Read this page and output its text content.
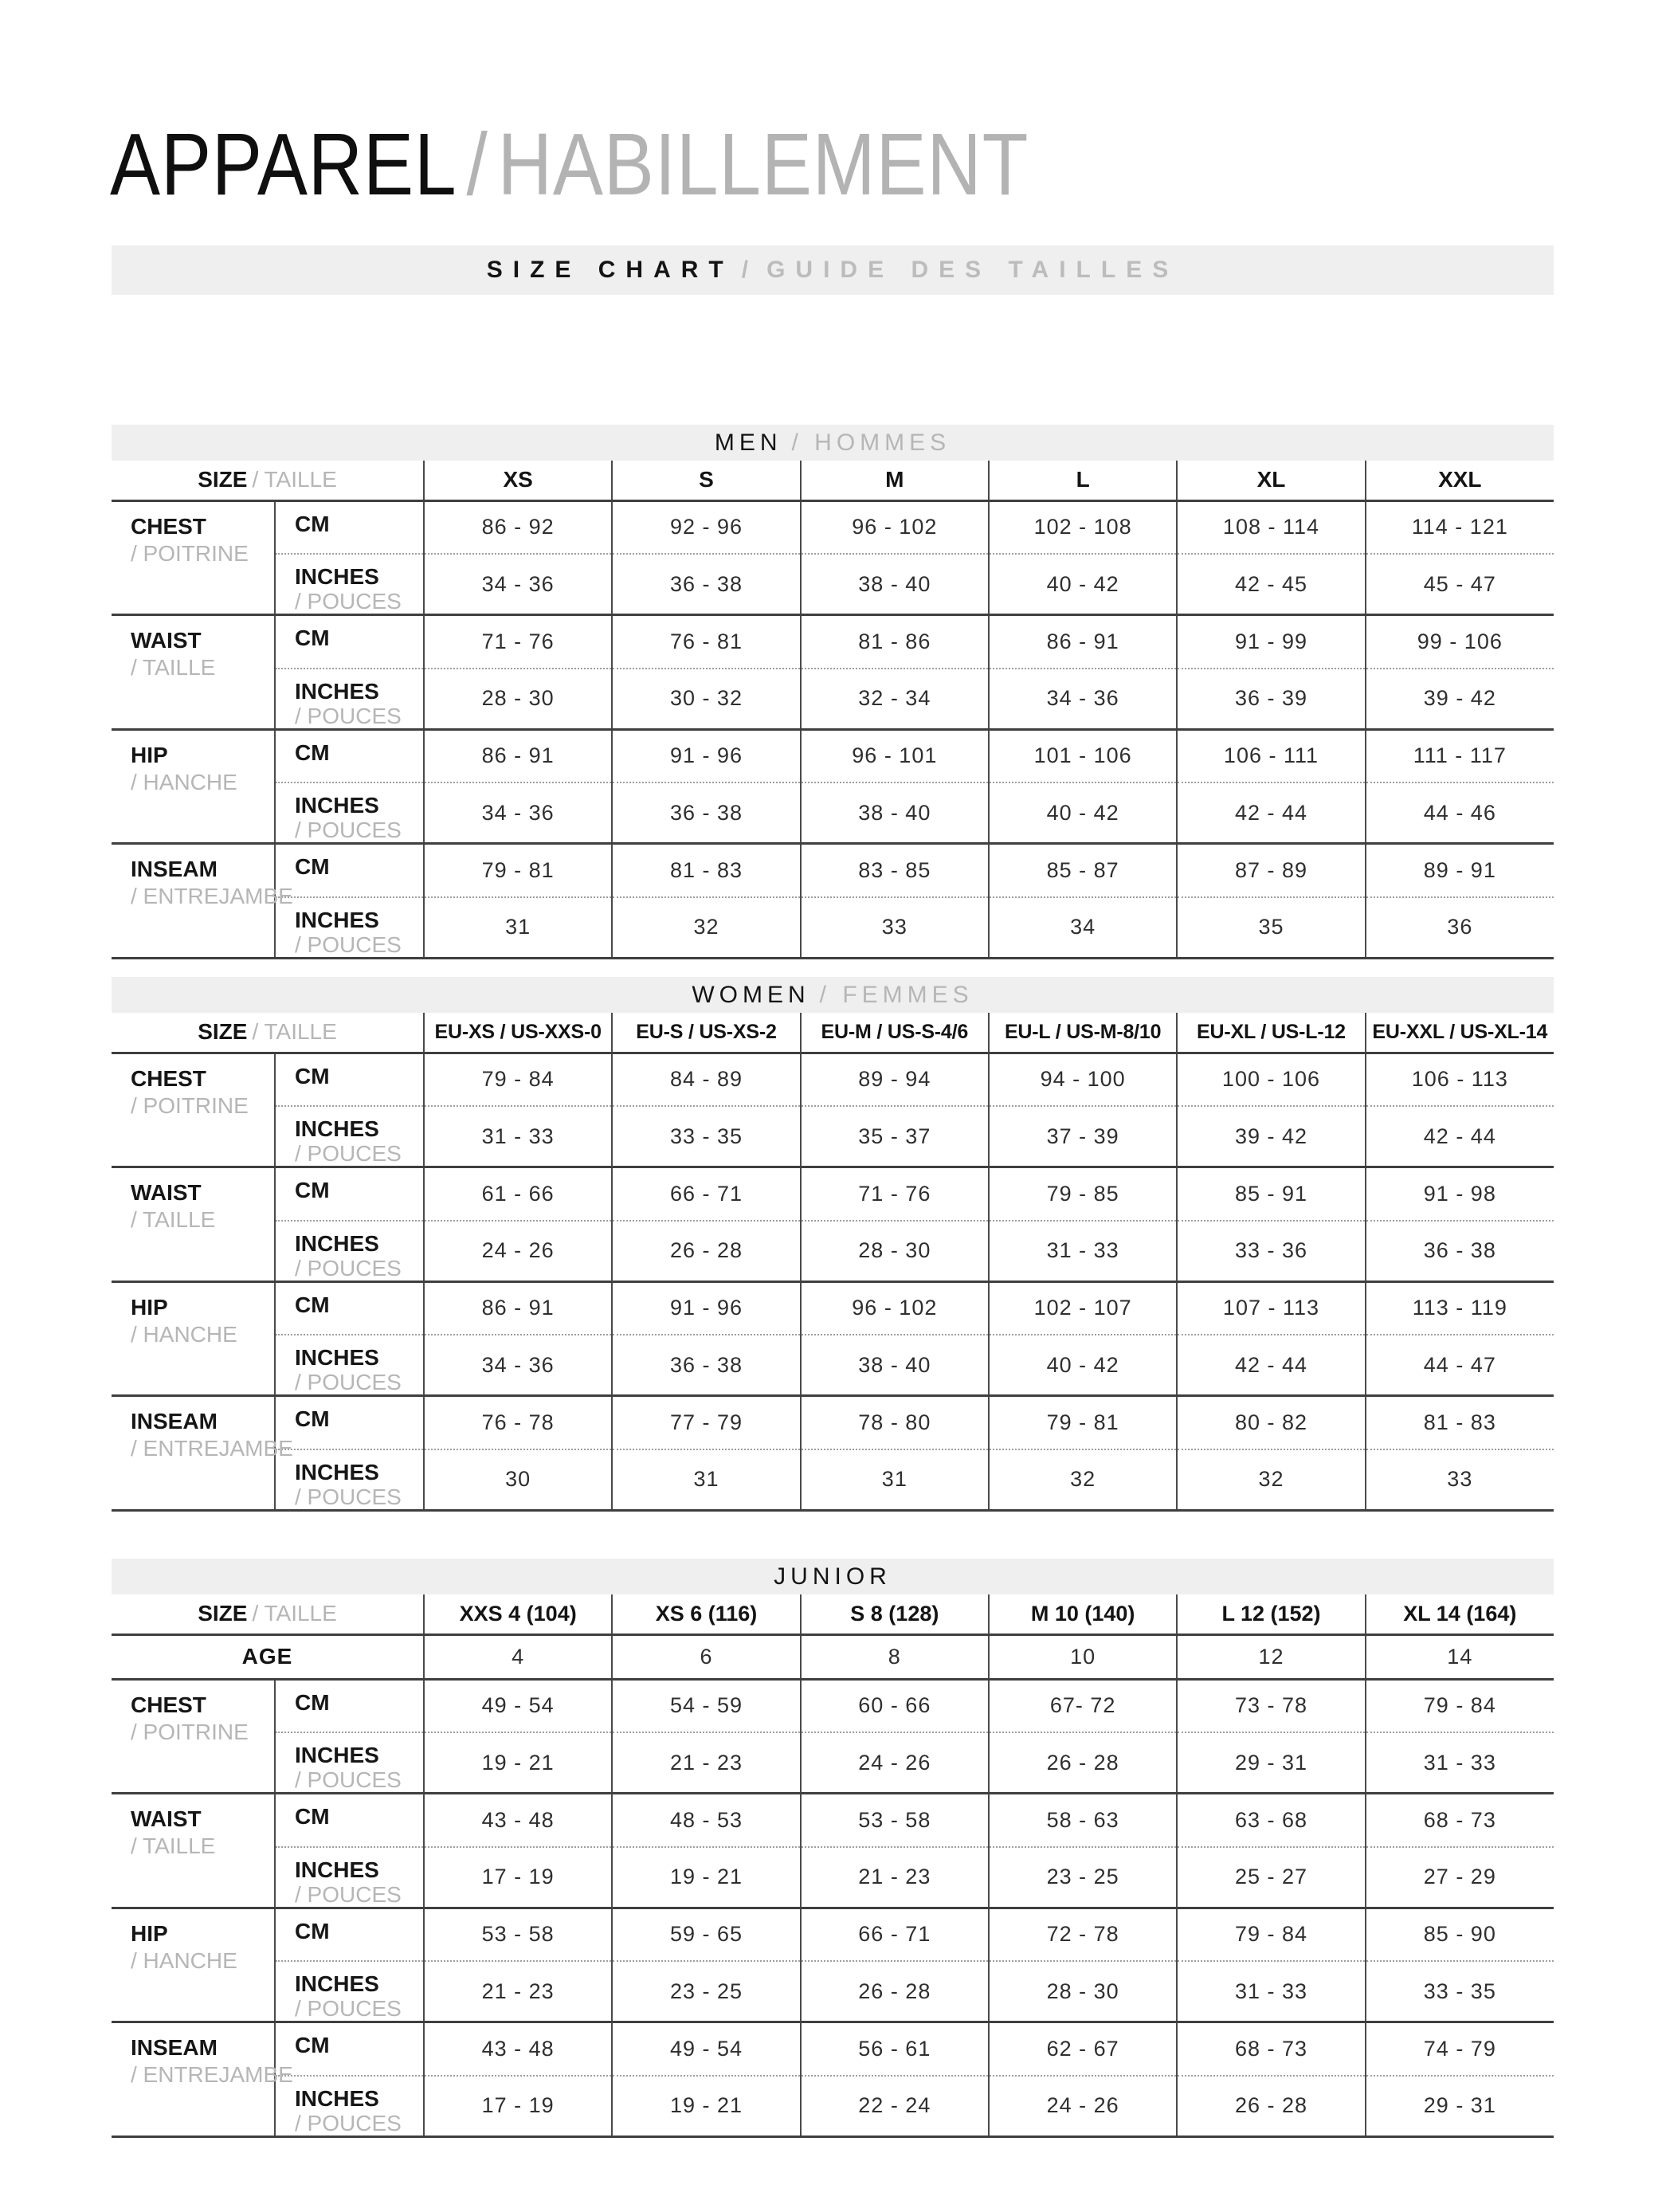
APPAREL / HABILLEMENT
SIZE CHART / GUIDE DES TAILLES
MEN / HOMMES							
SIZE / TAILLE		XS	S	M	L	XL	XXL

CHEST
/ POITRINE	CM	86 - 92	92 - 96	96 - 102	102 - 108	108 - 114	114 - 121

	INCHES
/ POUCES	34 - 36	36 - 38	38 - 40	40 - 42	42 - 45	45 - 47

WAIST
/ TAILLE	CM	71 - 76	76 - 81	81 - 86	86 - 91	91 - 99	99 - 106

	INCHES
/ POUCES	28 - 30	30 - 32	32 - 34	34 - 36	36 - 39	39 - 42

HIP
/ HANCHE	CM	86 - 91	91 - 96	96 - 101	101 - 106	106 - 111	111 - 117

	INCHES
/ POUCES	34 - 36	36 - 38	38 - 40	40 - 42	42 - 44	44 - 46

INSEAM
/ ENTREJAMBE	CM	79 - 81	81 - 83	83 - 85	85 - 87	87 - 89	89 - 91

	INCHES
/ POUCES	31	32	33	34	35	36
WOMEN / FEMMES							
SIZE / TAILLE		EU-XS / US-XXS-0	EU-S / US-XS-2	EU-M / US-S-4/6	EU-L / US-M-8/10	EU-XL / US-L-12	EU-XXL / US-XL-14

CHEST
/ POITRINE	CM	79 - 84	84 - 89	89 - 94	94 - 100	100 - 106	106 - 113

	INCHES
/ POUCES	31 - 33	33 - 35	35 - 37	37 - 39	39 - 42	42 - 44

WAIST
/ TAILLE	CM	61 - 66	66 - 71	71 - 76	79 - 85	85 - 91	91 - 98

	INCHES
/ POUCES	24 - 26	26 - 28	28 - 30	31 - 33	33 - 36	36 - 38

HIP
/ HANCHE	CM	86 - 91	91 - 96	96 - 102	102 - 107	107 - 113	113 - 119

	INCHES
/ POUCES	34 - 36	36 - 38	38 - 40	40 - 42	42 - 44	44 - 47

INSEAM
/ ENTREJAMBE	CM	76 - 78	77 - 79	78 - 80	79 - 81	80 - 82	81 - 83

	INCHES
/ POUCES	30	31	31	32	32	33
JUNIOR							
SIZE / TAILLE		XXS 4 (104)	XS 6 (116)	S 8 (128)	M 10 (140)	L 12 (152)	XL 14 (164)
AGE		4	6	8	10	12	14

CHEST
/ POITRINE	CM	49 - 54	54 - 59	60 - 66	67- 72	73 - 78	79 - 84

	INCHES
/ POUCES	19 - 21	21 - 23	24 - 26	26 - 28	29 - 31	31 - 33

WAIST
/ TAILLE	CM	43 - 48	48 - 53	53 - 58	58 - 63	63 - 68	68 - 73

	INCHES
/ POUCES	17 - 19	19 - 21	21 - 23	23 - 25	25 - 27	27 - 29

HIP
/ HANCHE	CM	53 - 58	59 - 65	66 - 71	72 - 78	79 - 84	85 - 90

	INCHES
/ POUCES	21 - 23	23 - 25	26 - 28	28 - 30	31 - 33	33 - 35

INSEAM
/ ENTREJAMBE	CM	43 - 48	49 - 54	56 - 61	62 - 67	68 - 73	74 - 79

	INCHES
/ POUCES	17 - 19	19 - 21	22 - 24	24 - 26	26 - 28	29 - 31
